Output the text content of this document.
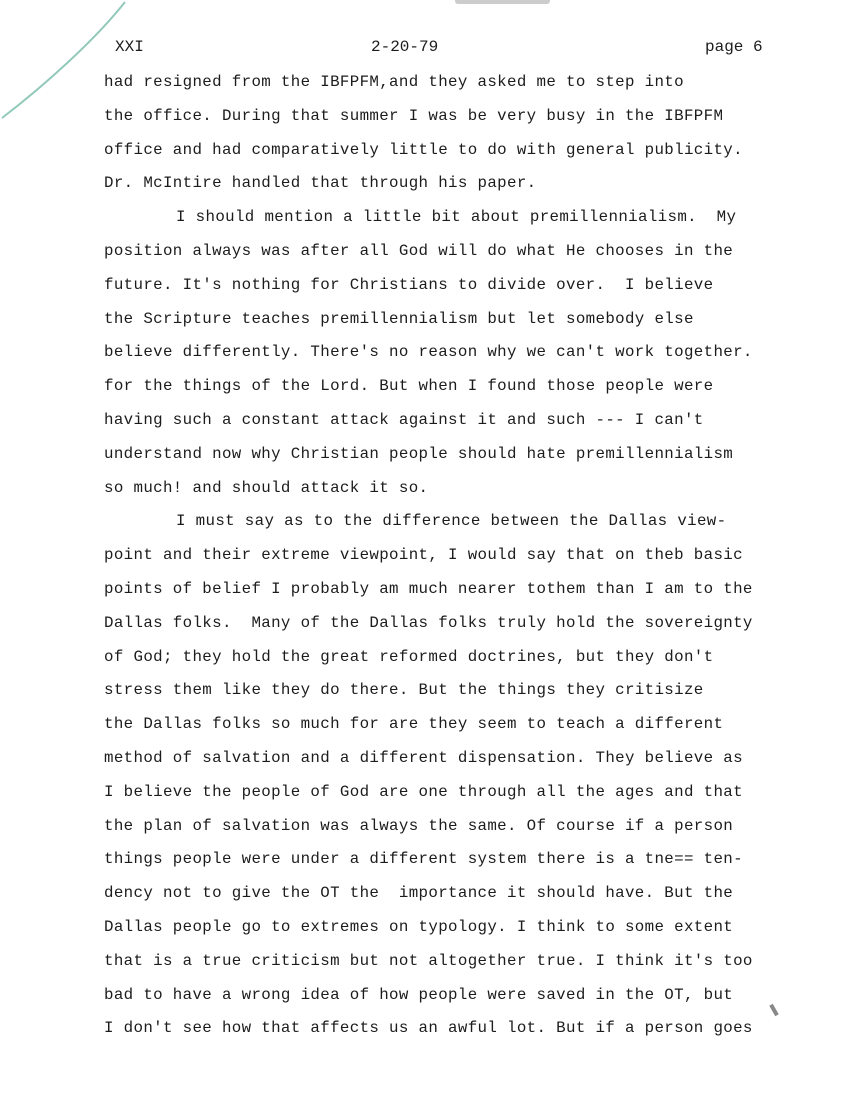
XXI	2-20-79	page 6
had resigned from the IBFPFM,and they asked me to step into
the office. During that summer I was be very busy in the IBFPFM
office and had comparatively little to do with general publicity.
Dr. McIntire handled that through his paper.
I should mention a little bit about premillennialism.  My
position always was after all God will do what He chooses in the
future. It's nothing for Christians to divide over.  I believe
the Scripture teaches premillennialism but let somebody else
believe differently. There's no reason why we can't work together.
for the things of the Lord. But when I found those people were
having such a constant attack against it and such --- I can't
understand now why Christian people should hate premillennialism
so much! and should attack it so.
I must say as to the difference between the Dallas view-
point and their extreme viewpoint, I would say that on theb basic
points of belief I probably am much nearer tothem than I am to the
Dallas folks.  Many of the Dallas folks truly hold the sovereignty
of God; they hold the great reformed doctrines, but they don't
stress them like they do there. But the things they critisize
the Dallas folks so much for are they seem to teach a different
method of salvation and a different dispensation. They believe as
I believe the people of God are one through all the ages and that
the plan of salvation was always the same. Of course if a person
things people were under a different system there is a tne== ten-
dency not to give the OT the  importance it should have. But the
Dallas people go to extremes on typology. I think to some extent
that is a true criticism but not altogether true. I think it's too
bad to have a wrong idea of how people were saved in the OT, but
I don't see how that affects us an awful lot. But if a person goes
